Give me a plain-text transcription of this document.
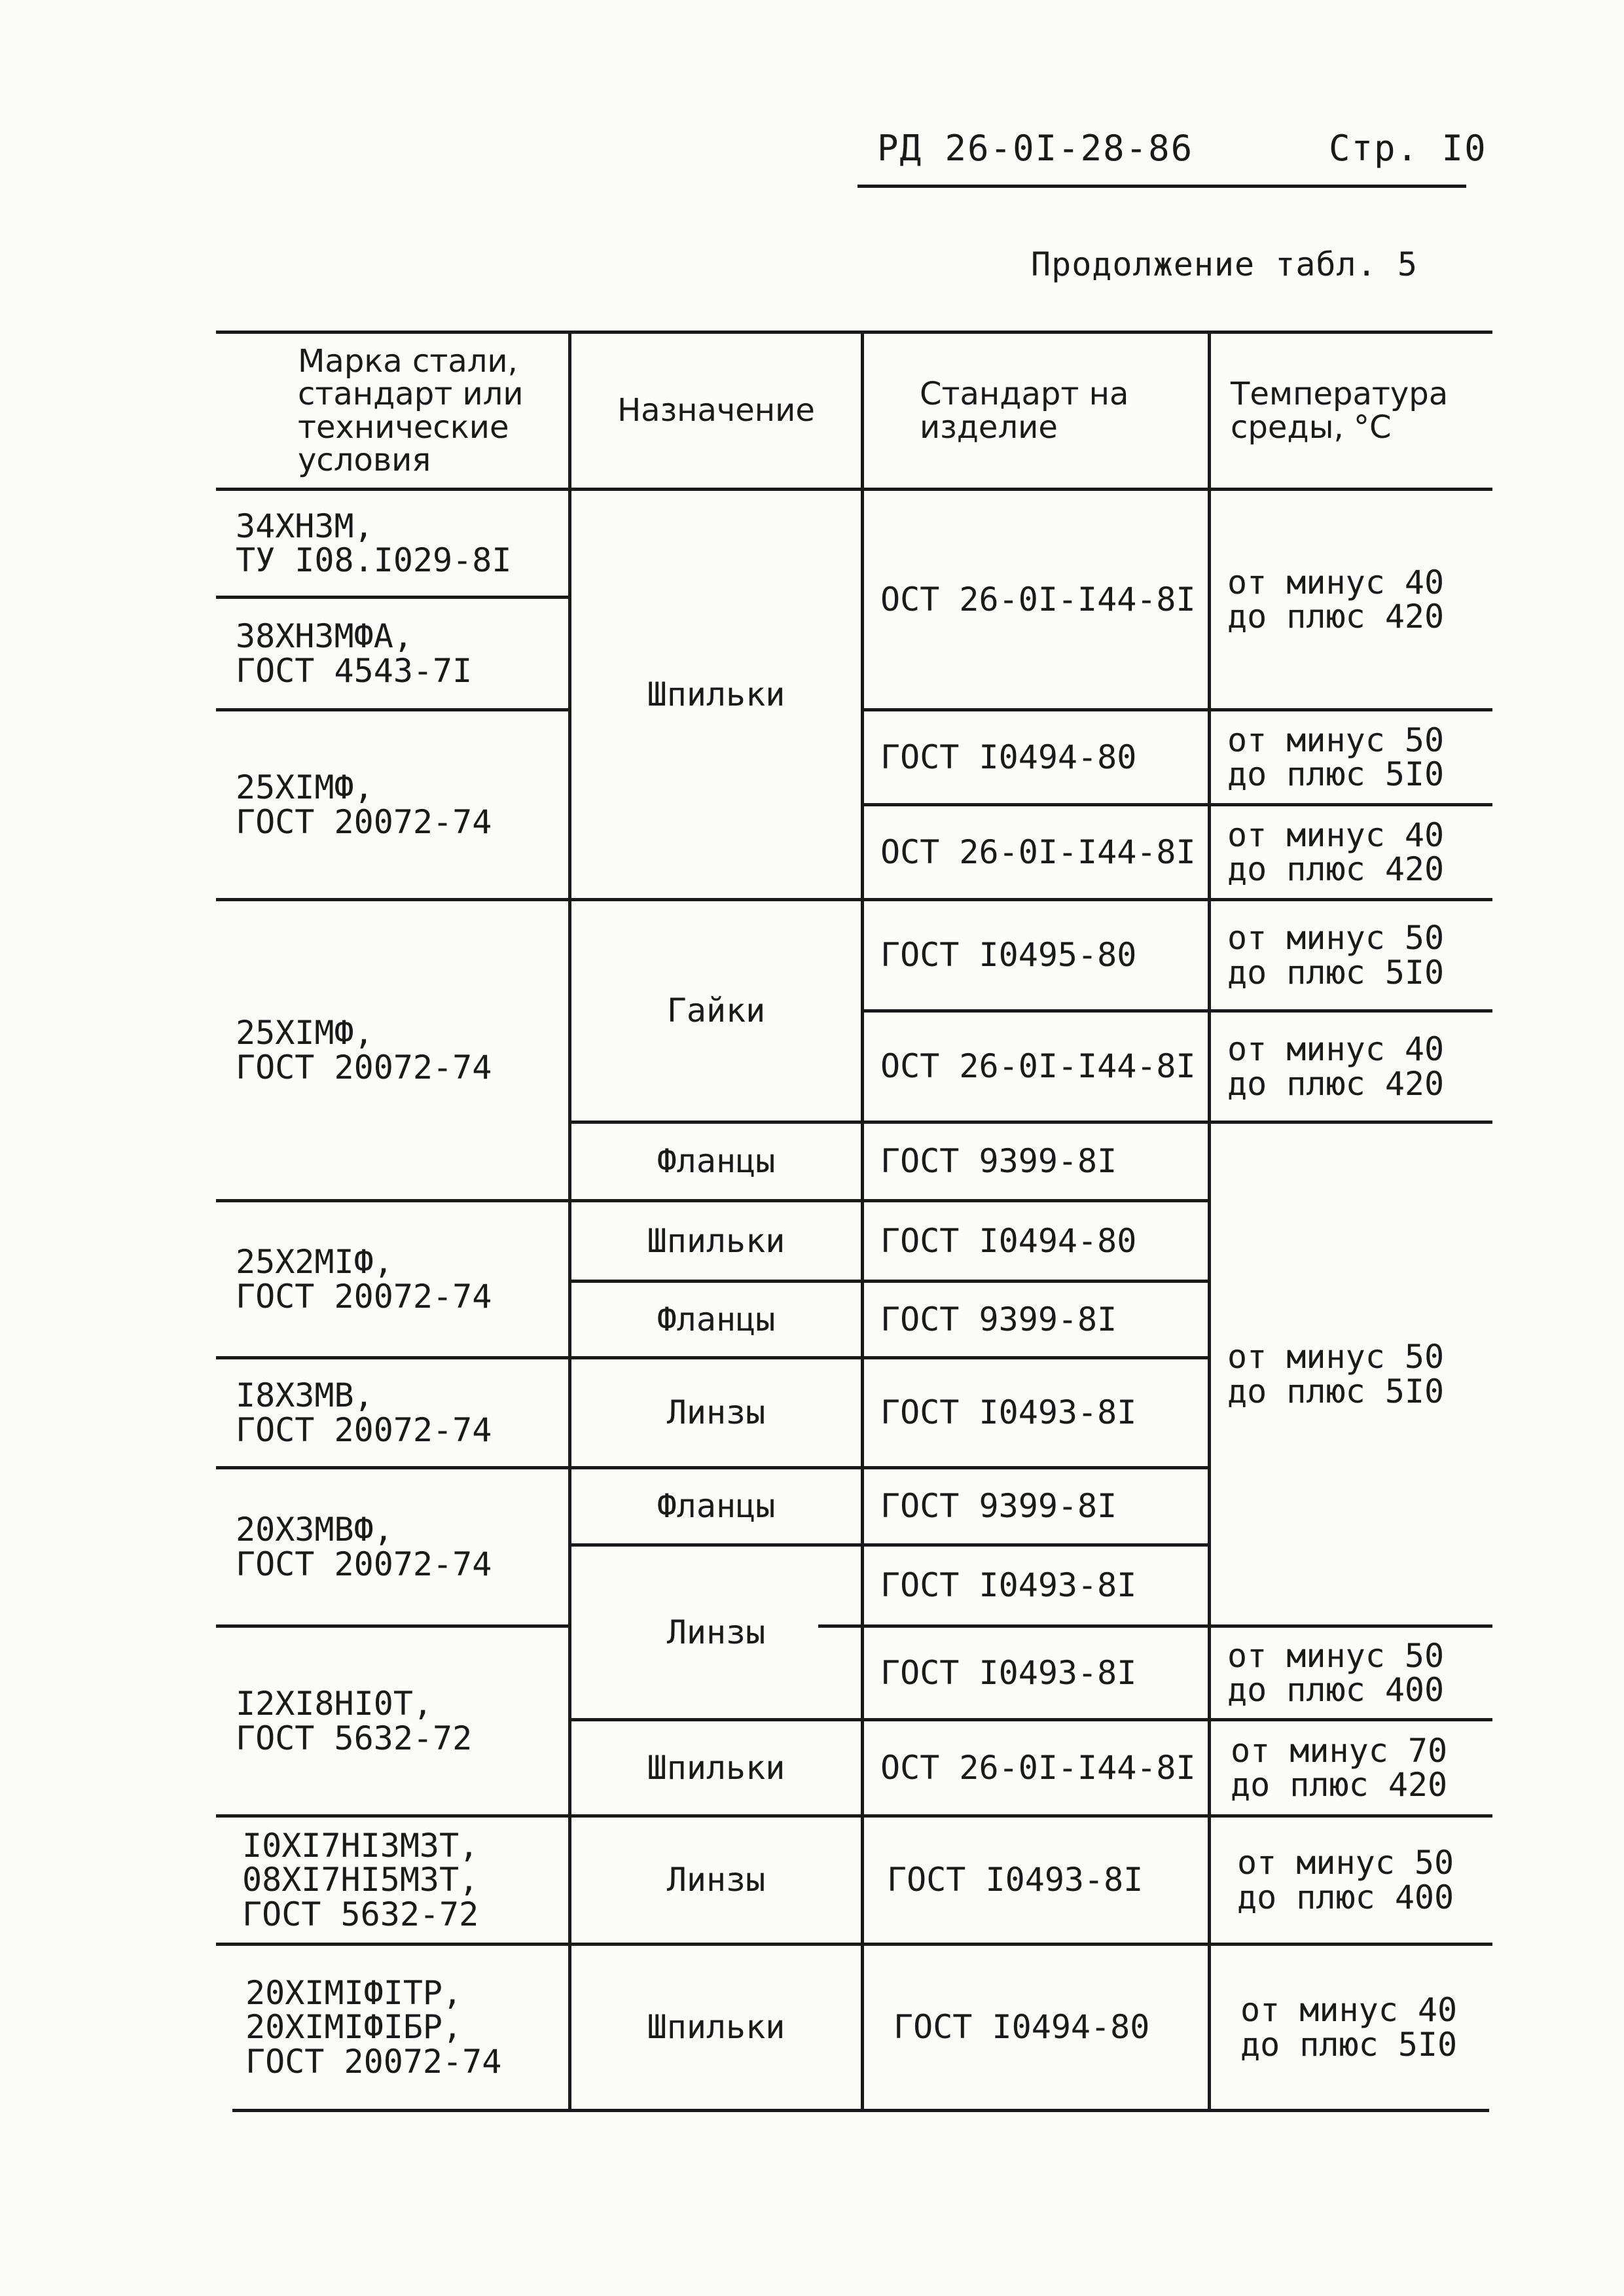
РД 26-0I-28-86	Стр. I0
Продолжение табл. 5
Марка стали,
стандарт или
технические
условия
Назначение	Стандарт на
изделие
Температура
среды, °С
34ХН3М,
ТУ I08.I029-8I
38ХН3МФА,
ГОСТ 4543-7I
25ХIМФ,
ГОСТ 20072-74
25ХIМФ,
ГОСТ 20072-74
25Х2МIФ,
ГОСТ 20072-74
I8Х3МВ,
ГОСТ 20072-74
20Х3МВФ,
ГОСТ 20072-74
I2ХI8НI0Т,
ГОСТ 5632-72
I0ХI7НI3М3Т,
08ХI7НI5М3Т,
ГОСТ 5632-72
20ХIМIФIТР,
20ХIМIФIБР,
ГОСТ 20072-74
Шпильки
Гайки
Фланцы
Шпильки
Фланцы
Линзы
Фланцы
Линзы
Шпильки
Линзы
Шпильки
ОСТ 26-0I-I44-8I
ГОСТ I0494-80
ОСТ 26-0I-I44-8I
ГОСТ I0495-80
ОСТ 26-0I-I44-8I
ГОСТ 9399-8I
ГОСТ I0494-80
ГОСТ 9399-8I
ГОСТ I0493-8I
ГОСТ 9399-8I
ГОСТ I0493-8I
ГОСТ I0493-8I
ОСТ 26-0I-I44-8I
ГОСТ I0493-8I
ГОСТ I0494-80
от минус 40
до плюс 420
от минус 50
до плюс 5I0
от минус 40
до плюс 420
от минус 50
до плюс 5I0
от минус 40
до плюс 420
от минус 50
до плюс 5I0
от минус 50
до плюс 400
от минус 70
до плюс 420
от минус 50
до плюс 400
от минус 40
до плюс 5I0
